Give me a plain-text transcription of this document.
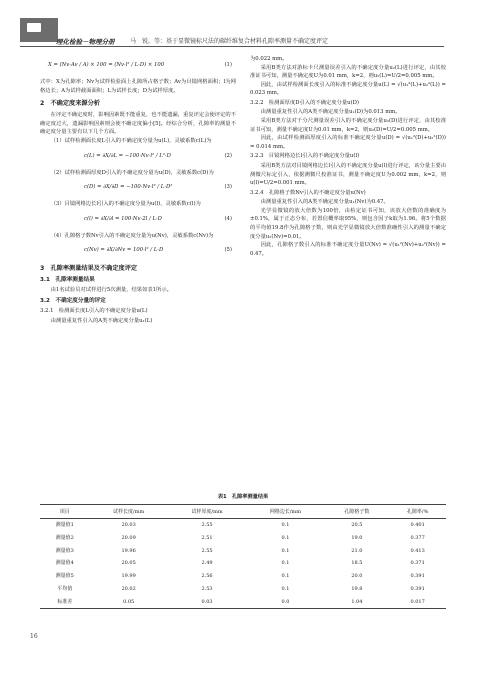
理化检验－物理分册	马　锐，等：基于显微镜标尺法的碳纤维复合材料孔隙率测量不确定度评定
X = (Nv·Av / A) × 100 = (Nv·l² / L·D) × 100	(1)

式中：X为孔隙率；Nv为试样检验面上孔隙所占格子数；Av为目镜网格面积；l为网格边长；A为试样截面面积；L为试样长度；D为试样厚度。

2　不确定度来源分析

在评定不确定度时，影响因素既不能重复，也不能遗漏，重复评定会使评定的不确定度过大，遗漏影响因素则会使不确定度偏小[5]。经综合分析，孔隙率的测量不确定度分量主要有以下几个方面。

（1）试样检测面长度L引入的不确定度分量为u(L)，灵敏系数c(L)为

c(L) = ∂X/∂L = −100·Nv·l² / L²·D	(2)

（2）试样检测面厚度D引入的不确定度分量为u(D)，灵敏系数c(D)为

c(D) = ∂X/∂D = −100·Nv·l² / L·D²	(3)

（3）目镜网格边长l引入的不确定度分量为u(l)，灵敏系数c(l)为

c(l) = ∂X/∂l = 100·Nv·2l / L·D	(4)

（4）孔隙格子数Nv引入的不确定度分量为u(Nv)，灵敏系数c(Nv)为

c(Nv) = ∂X/∂Nv = 100·l² / L·D	(5)
3　孔隙率测量结果及不确定度评定
3.1　孔隙率测量结果

由1名试验员对试样进行5次测量，结果如表1所示。

3.2　不确定度分量的评定
3.2.1　检测面长度L引入的不确定度分量u(L)

由测量重复性引入的A类不确定度分量u₁(L)

为0.022 mm。

采用B类方法对游标卡尺测量误差引入的不确定度分量u₂(L)进行评定，由其校准证书可知，测量不确定度U为0.01 mm，k=2，则u₂(L)=U/2=0.005 mm。

因此，由试样检测面长度引入的标准不确定度分量u(L) = √(u₁²(L)+u₂²(L)) = 0.023 mm。

3.2.2　检测面厚度D引入的不确定度分量u(D)

由测量重复性引入的A类不确定度分量u₁(D)为0.013 mm。

采用B类方法对千分尺测量误差引入的不确定度分量u₂(D)进行评定，由其校准证书可知，测量不确定度U为0.01 mm，k=2，则u₂(D)=U/2=0.005 mm。

因此，由试样检测面厚度引入的标准不确定度分量u(D) = √(u₁²(D)+u₂²(D)) = 0.014 mm。

3.2.3　目镜网格边长l引入的不确定度分量u(l)

采用B类方法对目镜网格边长l引入的不确定度分量u(l)进行评定，该分量主要由测微尺标定引入，依据测微尺校准证书，测量不确定度U为0.002 mm，k=2，则u(l)=U/2=0.001 mm。

3.2.4　孔隙格子数Nv引入的不确定度分量u(Nv)

由测量重复性引入的A类不确定度分量u₁(Nv)为0.47。

光学显微镜的放大倍数为100倍，由检定证书可知，该放大倍数的准确度为±0.1%，属于正态分布，若置信概率取95%，则包含因子k取为1.96。将5个数据的平均值19.8作为孔隙格子数，则由光学显微镜放大倍数准确性引入的测量不确定度分量u₂(Nv)=0.01。

因此，孔隙格子数引入的标准不确定度分量U(Nv) = √(u₁²(Nv)+u₂²(Nv)) = 0.47。

表1　孔隙率测量结果
项目	试样长度/mm	试样厚度/mm	网格边长/mm	孔隙格子数	孔隙率/%
测量值1	20.03	2.55	0.1	20.5	0.401
测量值2	20.09	2.51	0.1	19.0	0.377
测量值3	19.96	2.55	0.1	21.0	0.413
测量值4	20.05	2.49	0.1	18.5	0.371
测量值5	19.99	2.56	0.1	20.0	0.391
平均值	20.02	2.53	0.1	19.8	0.391
标准差	0.05	0.03	0.0	1.04	0.017
16
